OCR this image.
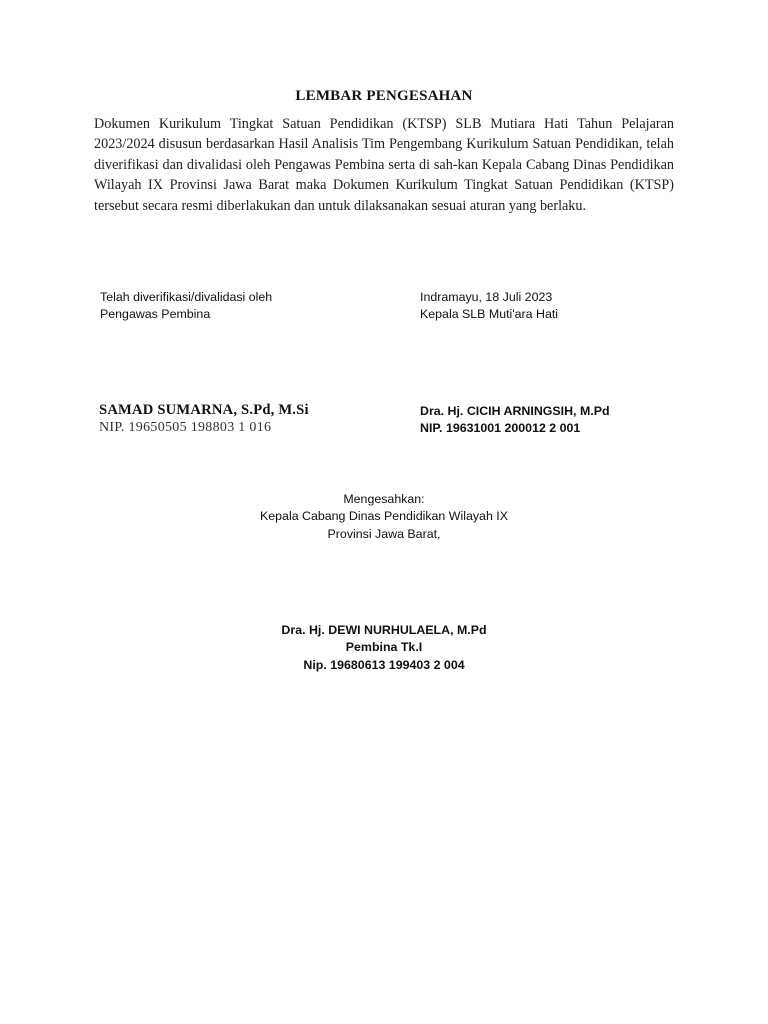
LEMBAR PENGESAHAN
Dokumen Kurikulum Tingkat Satuan Pendidikan (KTSP) SLB Mutiara Hati Tahun Pelajaran 2023/2024 disusun berdasarkan Hasil Analisis Tim Pengembang Kurikulum Satuan Pendidikan, telah diverifikasi dan divalidasi oleh Pengawas Pembina serta di sah-kan Kepala Cabang Dinas Pendidikan Wilayah IX Provinsi Jawa Barat maka Dokumen Kurikulum Tingkat Satuan Pendidikan (KTSP) tersebut secara resmi diberlakukan dan untuk dilaksanakan sesuai aturan yang berlaku.
Telah diverifikasi/divalidasi oleh
Pengawas Pembina
Indramayu, 18 Juli 2023
Kepala SLB Muti'ara Hati
SAMAD SUMARNA, S.Pd, M.Si
NIP. 19650505 198803 1 016
Dra. Hj. CICIH ARNINGSIH, M.Pd
NIP. 19631001 200012 2 001
Mengesahkan:
Kepala Cabang Dinas Pendidikan Wilayah IX
Provinsi Jawa Barat,
Dra. Hj. DEWI NURHULAELA, M.Pd
Pembina Tk.I
Nip. 19680613 199403 2 004
